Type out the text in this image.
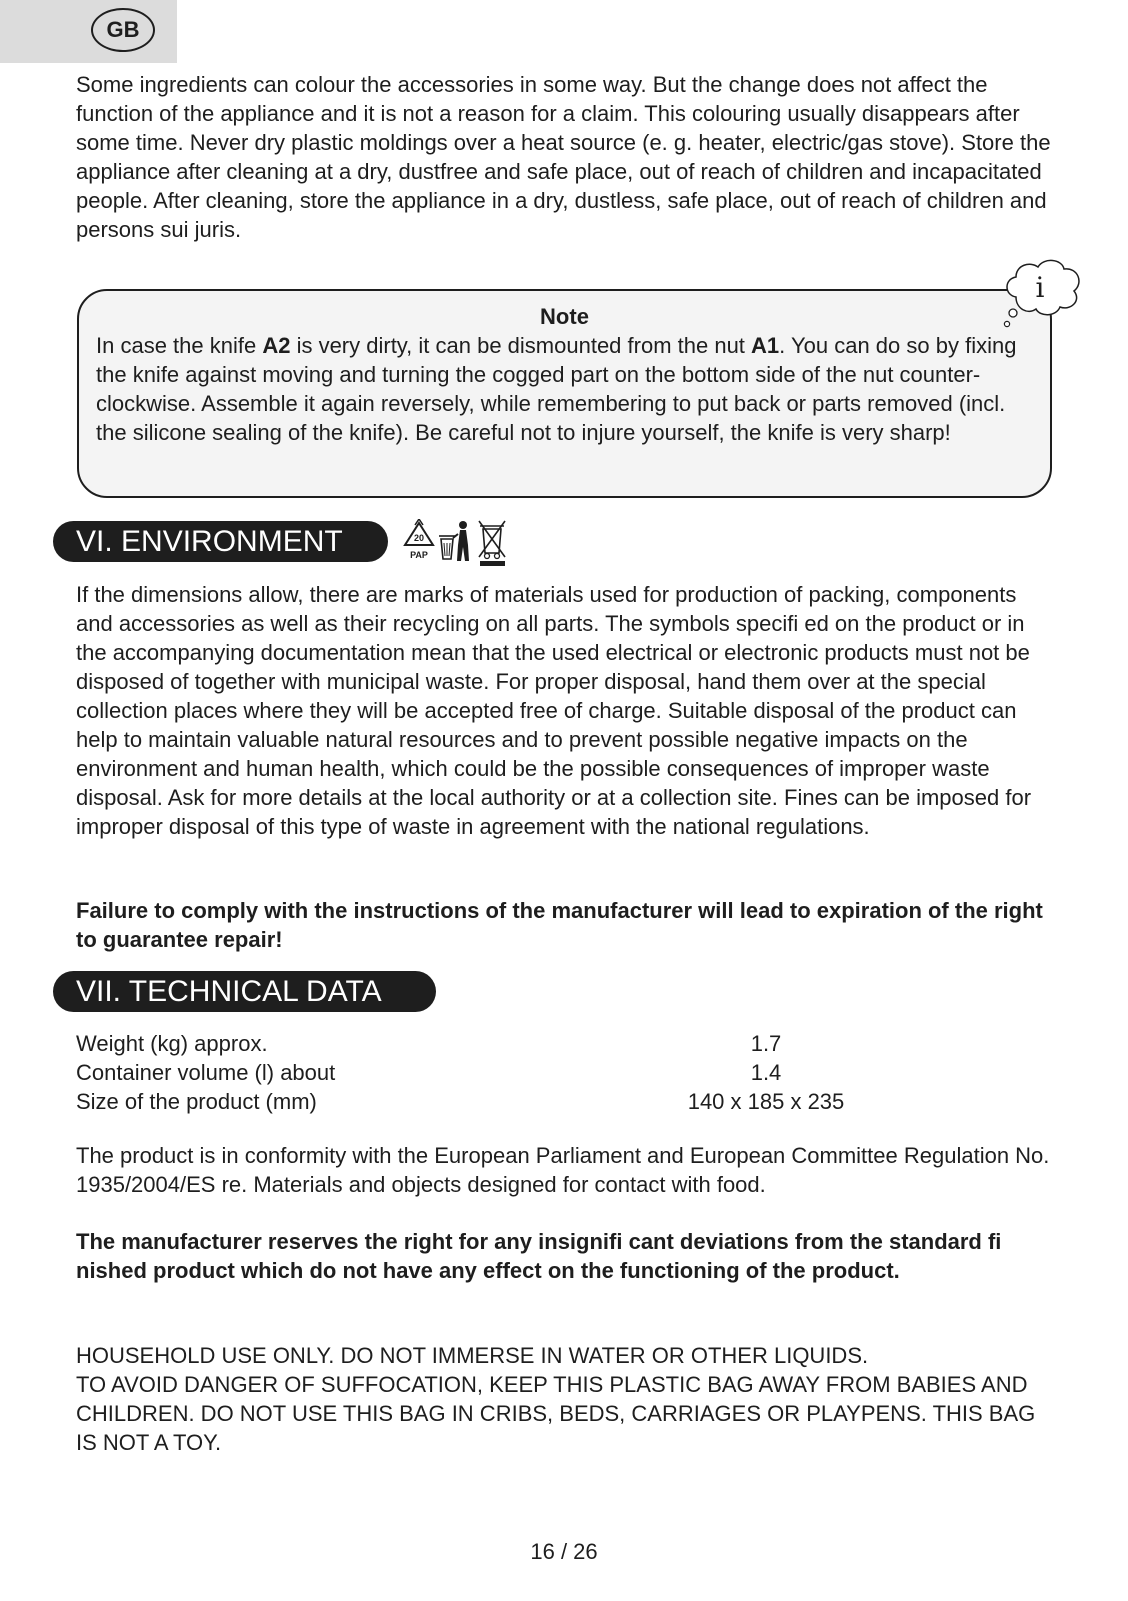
GB

Some ingredients can colour the accessories in some way. But the change does not affect the function of the appliance and it is not a reason for a claim. This colouring usually disappears after some time. Never dry plastic moldings over a heat source (e. g. heater, electric/gas stove). Store the appliance after cleaning at a dry, dustfree and safe place, out of reach of children and incapacitated people. After cleaning, store the appliance in a dry, dustless, safe place, out of reach of children and persons sui juris.

Note

In case the knife A2 is very dirty, it can be dismounted from the nut A1. You can do so by fixing the knife against moving and turning the cogged part on the bottom side of the nut counter-clockwise. Assemble it again reversely, while remembering to put back or parts removed (incl. the silicone sealing of the knife). Be careful not to injure yourself, the knife is very sharp!

i
VI. ENVIRONMENT	20
PAP

If the dimensions allow, there are marks of materials used for production of packing, components and accessories as well as their recycling on all parts. The symbols specifi ed on the product or in the accompanying documentation mean that the used electrical or electronic products must not be disposed of together with municipal waste. For proper disposal, hand them over at the special collection places where they will be accepted free of charge. Suitable disposal of the product can help to maintain valuable natural resources and to prevent possible negative impacts on the environment and human health, which could be the possible consequences of improper waste disposal. Ask for more details at the local authority or at a collection site. Fines can be imposed for improper disposal of this type of waste in agreement with the national regulations.

Failure to comply with the instructions of the manufacturer will lead to expiration of the right to guarantee repair!

VII. TECHNICAL DATA
Weight (kg) approx.	1.7
Container volume (l) about	1.4
Size of the product (mm)	140 x 185 x 235

The product is in conformity with the European Parliament and European Committee Regulation No. 1935/2004/ES re. Materials and objects designed for contact with food.

The manufacturer reserves the right for any insignifi cant deviations from the standard fi nished product which do not have any effect on the functioning of the product.

HOUSEHOLD USE ONLY. DO NOT IMMERSE IN WATER OR OTHER LIQUIDS.

TO AVOID DANGER OF SUFFOCATION, KEEP THIS PLASTIC BAG AWAY FROM BABIES AND CHILDREN. DO NOT USE THIS BAG IN CRIBS, BEDS, CARRIAGES OR PLAYPENS. THIS BAG IS NOT A TOY.

16 / 26
